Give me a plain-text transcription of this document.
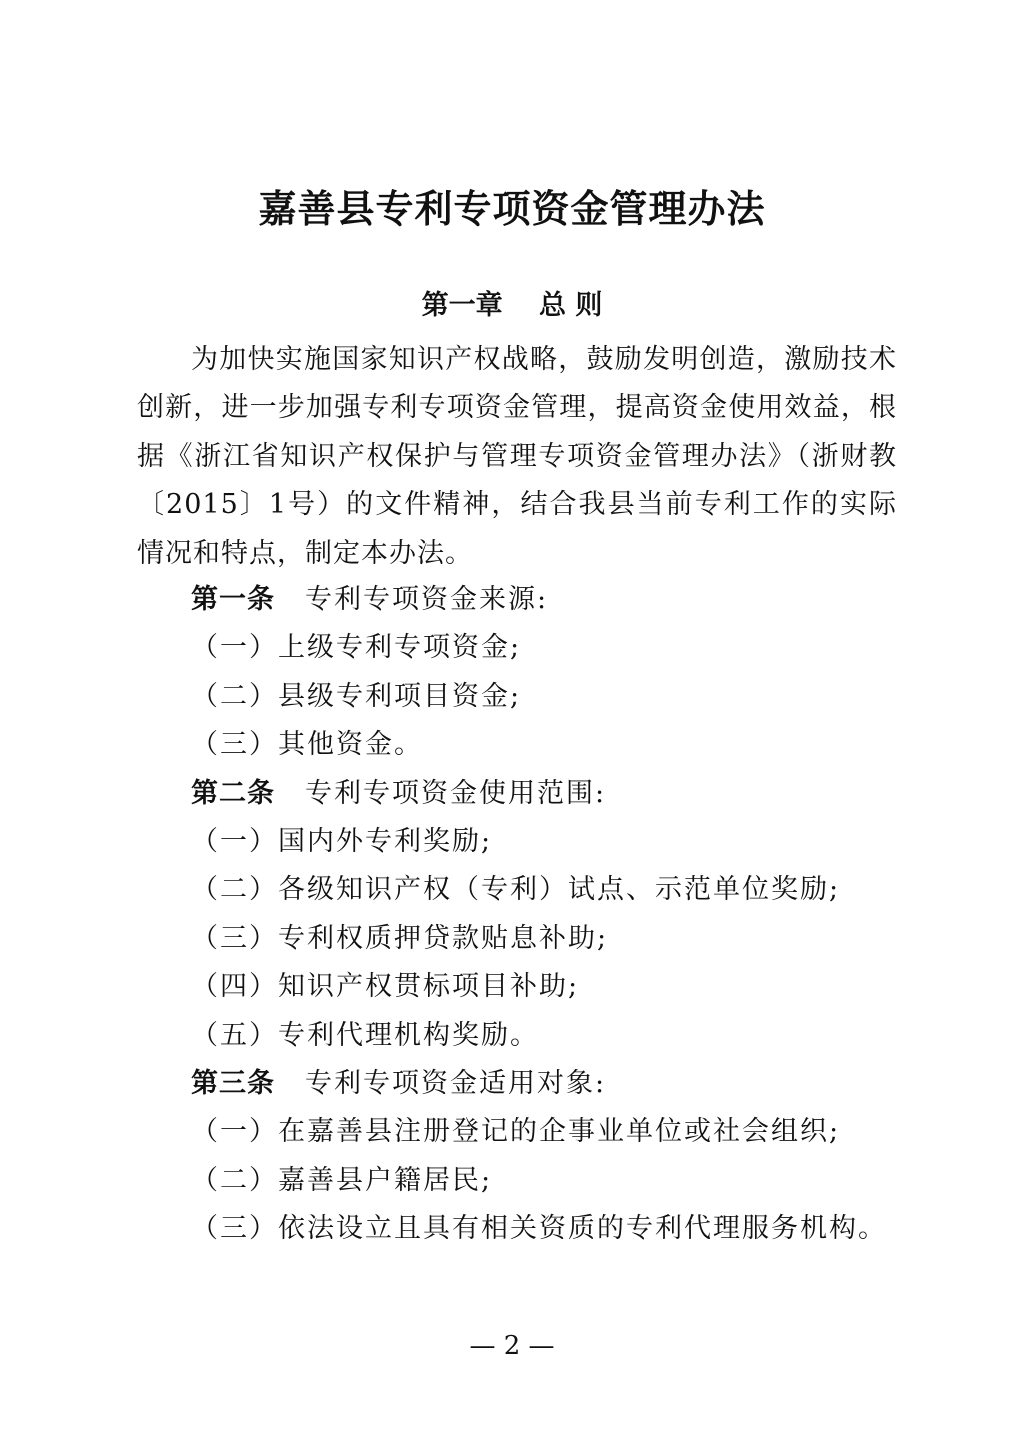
嘉善县专利专项资金管理办法
第一章　 总 则

为加快实施国家知识产权战略，鼓励发明创造，激励技术创新，进一步加强专利专项资金管理，提高资金使用效益，根据《浙江省知识产权保护与管理专项资金管理办法》（浙财教〔2015〕1号）的文件精神，结合我县当前专利工作的实际情况和特点，制定本办法。

第一条 专利专项资金来源:

（一）上级专利专项资金;

（二）县级专利项目资金;

（三）其他资金。

第二条 专利专项资金使用范围:

（一）国内外专利奖励;

（二）各级知识产权（专利）试点、示范单位奖励;

（三）专利权质押贷款贴息补助;

（四）知识产权贯标项目补助;

（五）专利代理机构奖励。

第三条 专利专项资金适用对象:

（一）在嘉善县注册登记的企事业单位或社会组织;

（二）嘉善县户籍居民;

（三）依法设立且具有相关资质的专利代理服务机构。

— 2 —
